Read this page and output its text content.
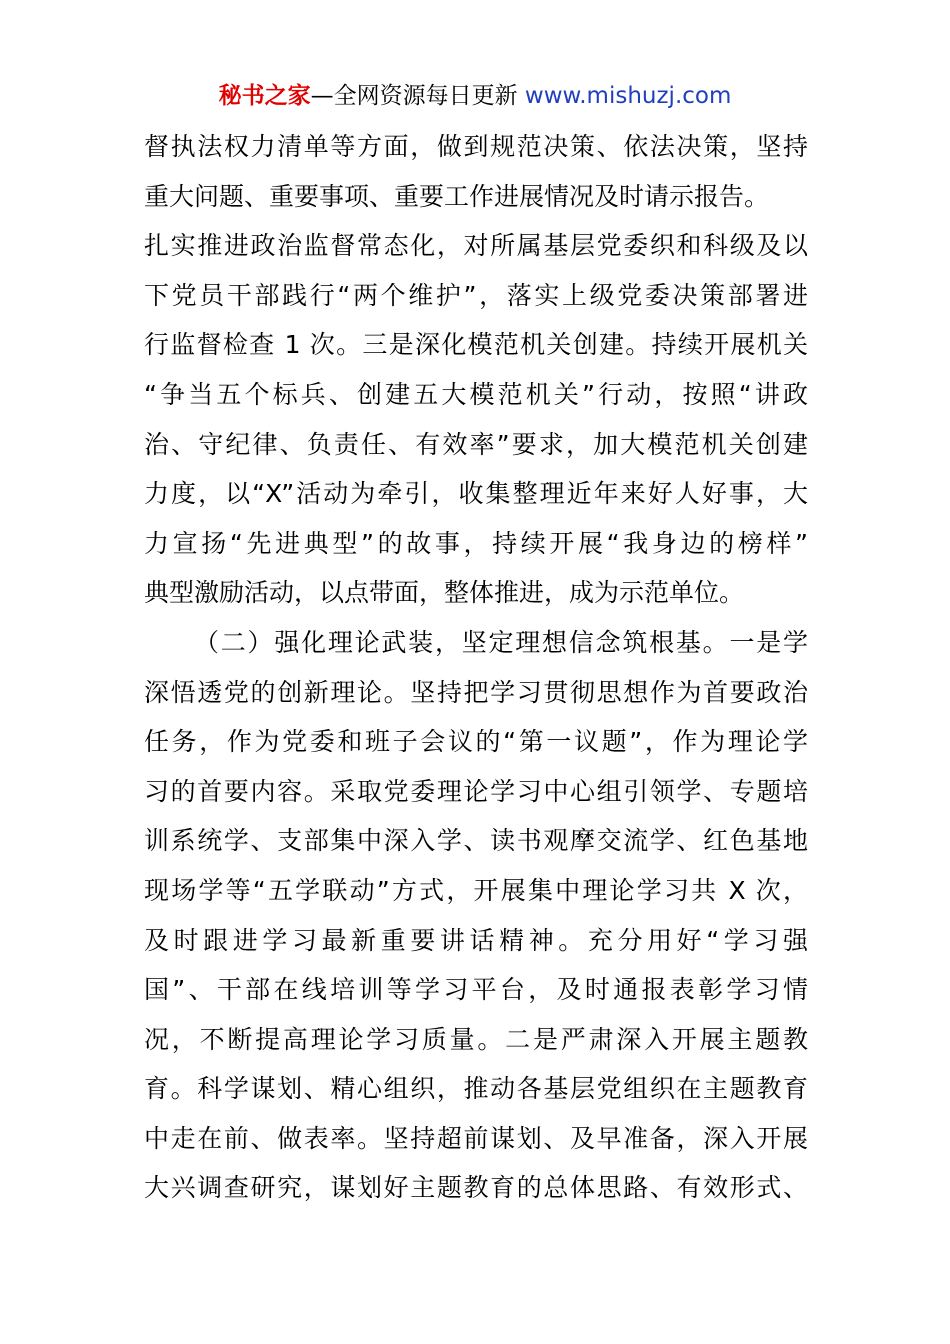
秘书之家—全网资源每日更新 www.mishuzj.com
督执法权力清单等方面，做到规范决策、依法决策，坚持
重大问题、重要事项、重要工作进展情况及时请示报告。
扎实推进政治监督常态化，对所属基层党委织和科级及以
下党员干部践行“两个维护”，落实上级党委决策部署进
行监督检查 1 次。三是深化模范机关创建。持续开展机关
“争当五个标兵、创建五大模范机关”行动，按照“讲政
治、守纪律、负责任、有效率”要求，加大模范机关创建
力度，以“X”活动为牵引，收集整理近年来好人好事，大
力宣扬“先进典型”的故事，持续开展“我身边的榜样”
典型激励活动，以点带面，整体推进，成为示范单位。
（二）强化理论武装，坚定理想信念筑根基。一是学
深悟透党的创新理论。坚持把学习贯彻思想作为首要政治
任务，作为党委和班子会议的“第一议题”，作为理论学
习的首要内容。采取党委理论学习中心组引领学、专题培
训系统学、支部集中深入学、读书观摩交流学、红色基地
现场学等“五学联动”方式，开展集中理论学习共 X 次，
及时跟进学习最新重要讲话精神。充分用好“学习强
国”、干部在线培训等学习平台，及时通报表彰学习情
况，不断提高理论学习质量。二是严肃深入开展主题教
育。科学谋划、精心组织，推动各基层党组织在主题教育
中走在前、做表率。坚持超前谋划、及早准备，深入开展
大兴调查研究，谋划好主题教育的总体思路、有效形式、
